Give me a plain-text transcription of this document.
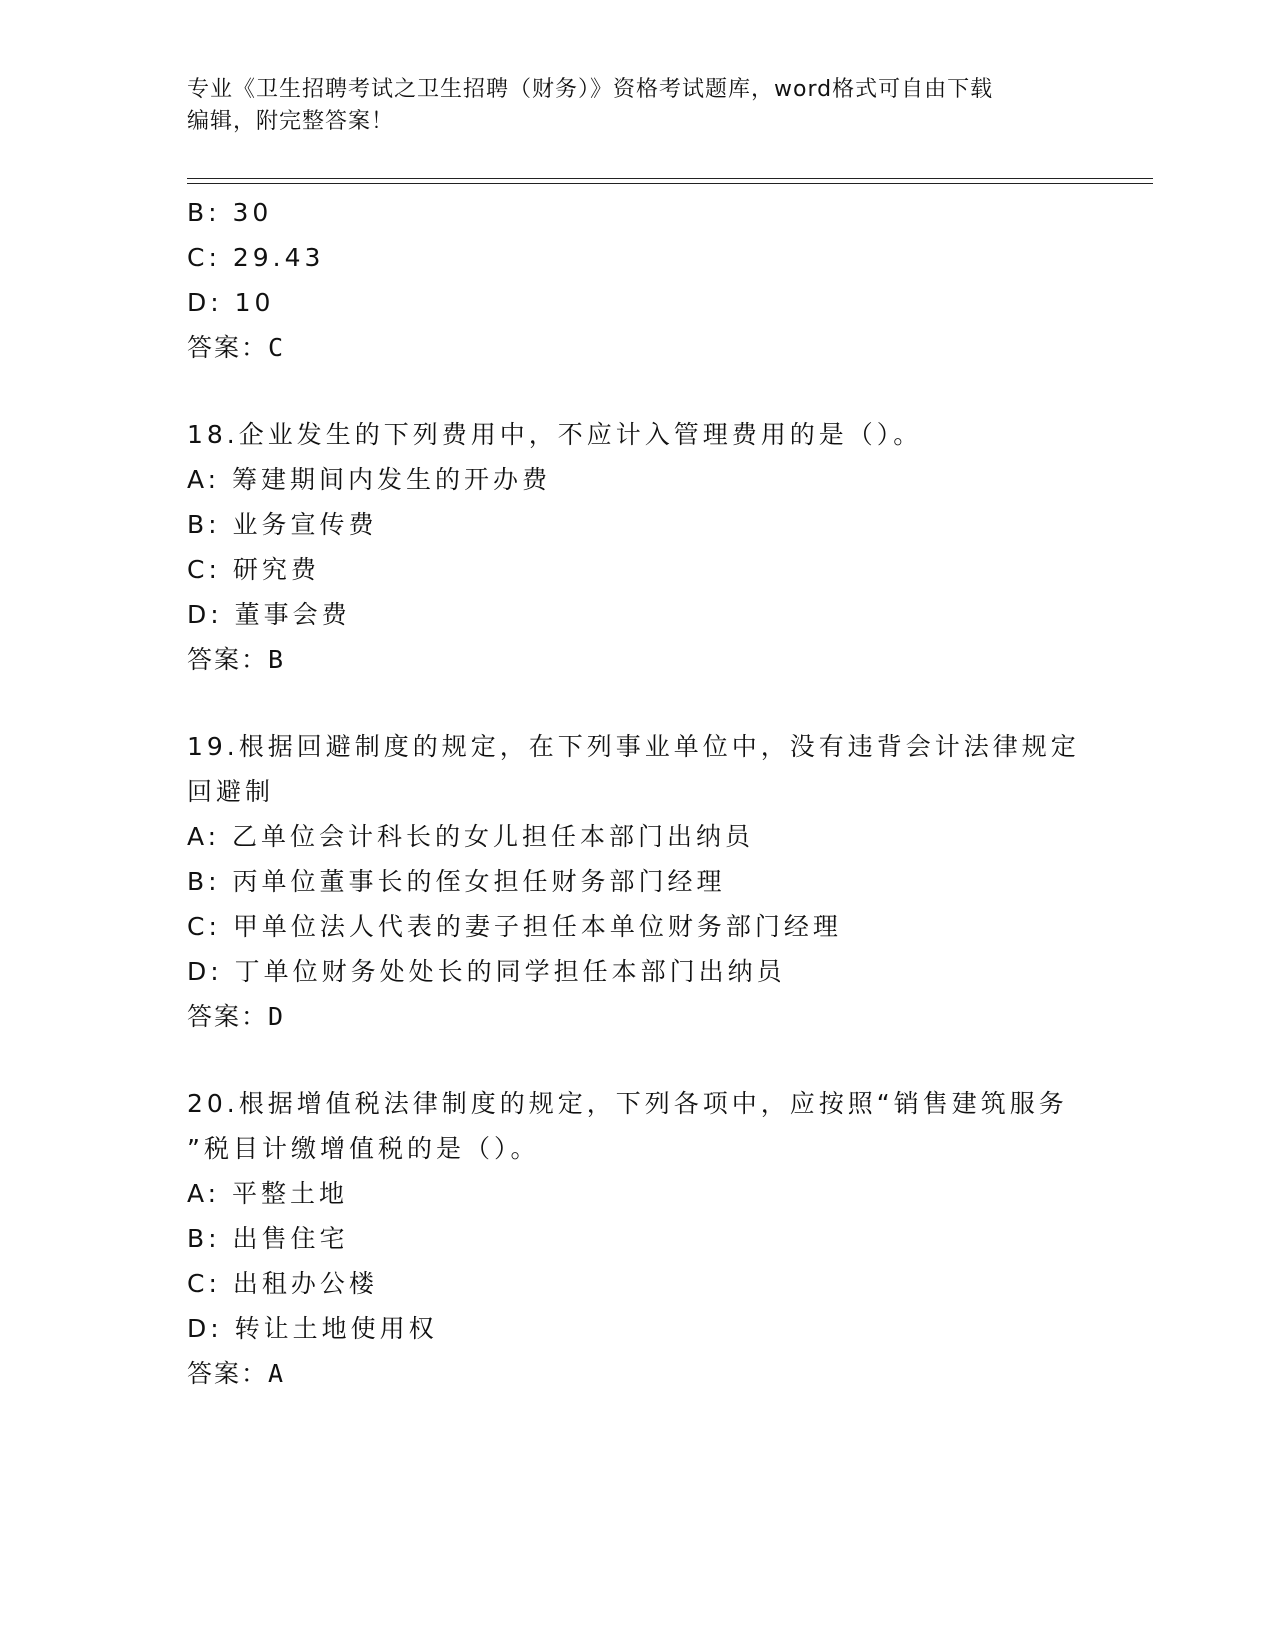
专业《卫生招聘考试之卫生招聘（财务）》资格考试题库，word格式可自由下载
编辑，附完整答案！
B: 30
C: 29.43
D: 10
答案：C
18.企业发生的下列费用中，不应计入管理费用的是（）。
A: 筹建期间内发生的开办费
B: 业务宣传费
C: 研究费
D: 董事会费
答案：B
19.根据回避制度的规定，在下列事业单位中，没有违背会计法律规定
回避制
A: 乙单位会计科长的女儿担任本部门出纳员
B: 丙单位董事长的侄女担任财务部门经理
C: 甲单位法人代表的妻子担任本单位财务部门经理
D: 丁单位财务处处长的同学担任本部门出纳员
答案：D
20.根据增值税法律制度的规定，下列各项中，应按照“销售建筑服务
”税目计缴增值税的是（）。
A: 平整土地
B: 出售住宅
C: 出租办公楼
D: 转让土地使用权
答案：A
